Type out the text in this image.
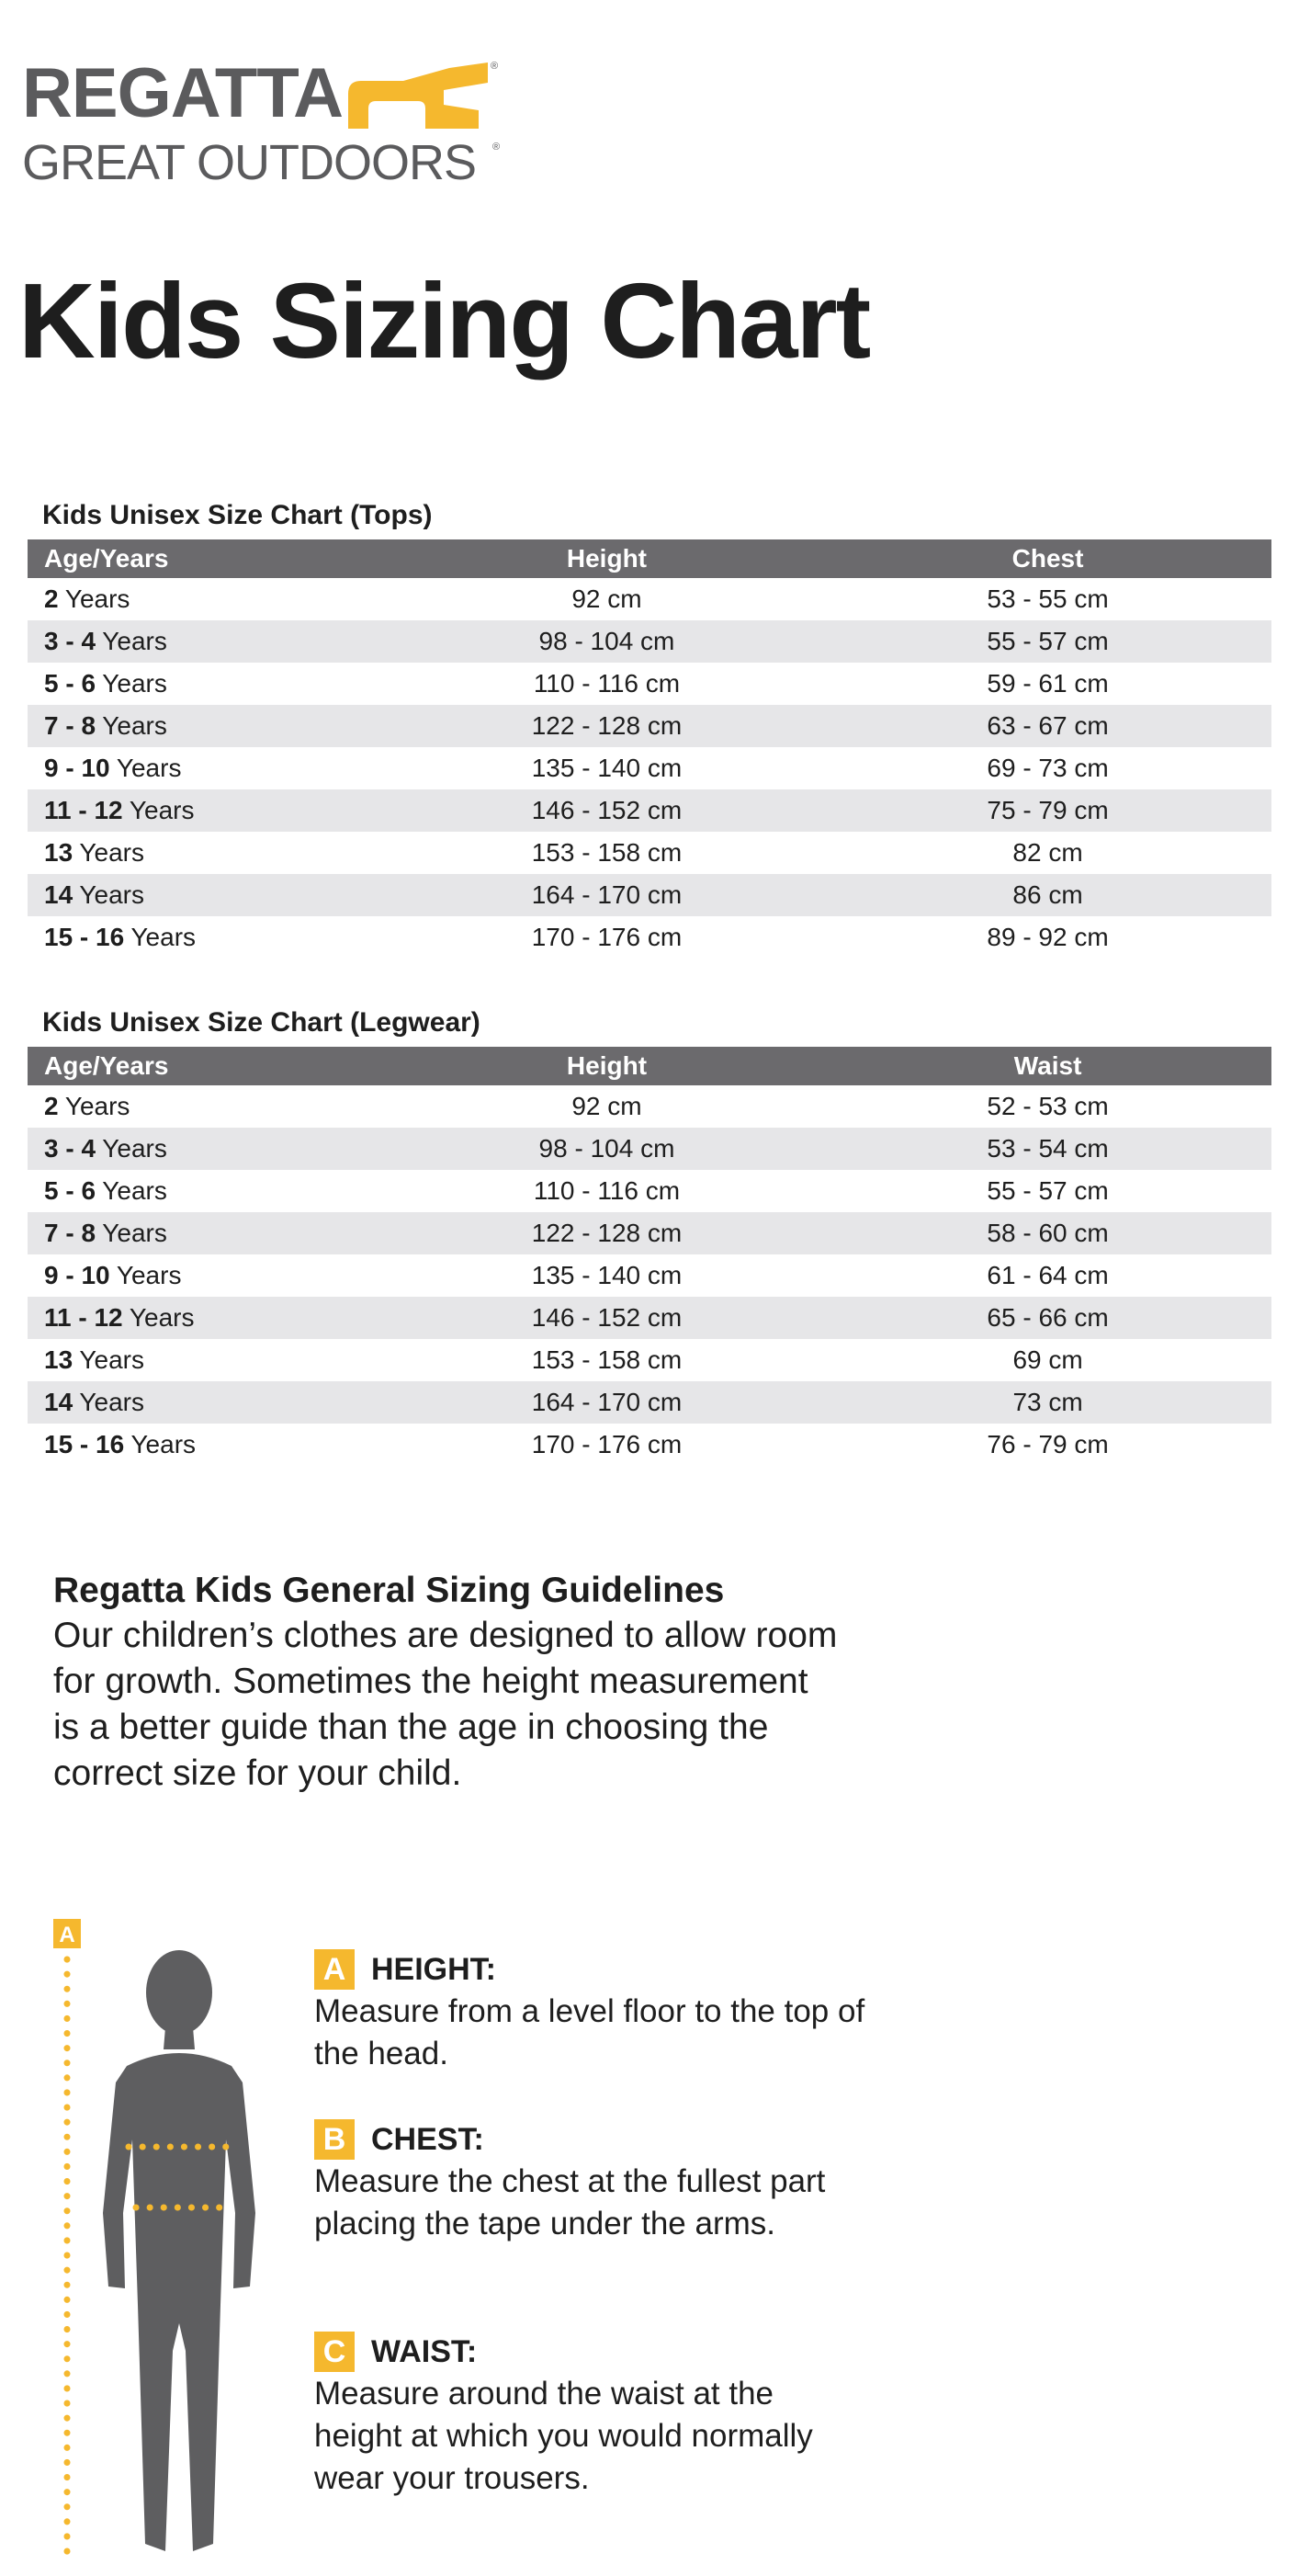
REGATTA	®
GREAT OUTDOORS ®
Kids Sizing Chart
Kids Unisex Size Chart (Tops)
Age/Years	Height	Chest
2 Years	92 cm	53 - 55 cm
3 - 4 Years	98 - 104 cm	55 - 57 cm
5 - 6 Years	110 - 116 cm	59 - 61 cm
7 - 8 Years	122 - 128 cm	63 - 67 cm
9 - 10 Years	135 - 140 cm	69 - 73 cm
11 - 12 Years	146 - 152 cm	75 - 79 cm
13 Years	153 - 158 cm	82 cm
14 Years	164 - 170 cm	86 cm
15 - 16 Years	170 - 176 cm	89 - 92 cm
Kids Unisex Size Chart (Legwear)
Age/Years	Height	Waist
2 Years	92 cm	52 - 53 cm
3 - 4 Years	98 - 104 cm	53 - 54 cm
5 - 6 Years	110 - 116 cm	55 - 57 cm
7 - 8 Years	122 - 128 cm	58 - 60 cm
9 - 10 Years	135 - 140 cm	61 - 64 cm
11 - 12 Years	146 - 152 cm	65 - 66 cm
13 Years	153 - 158 cm	69 cm
14 Years	164 - 170 cm	73 cm
15 - 16 Years	170 - 176 cm	76 - 79 cm

Regatta Kids General Sizing Guidelines

Our children’s clothes are designed to allow room for growth. Sometimes the height measurement is a better guide than the age in choosing the correct size for your child.

A
A HEIGHT:

Measure from a level floor to the top of the head.

B CHEST:

Measure the chest at the fullest part placing the tape under the arms.

C WAIST:

Measure around the waist at the height at which you would normally wear your trousers.
